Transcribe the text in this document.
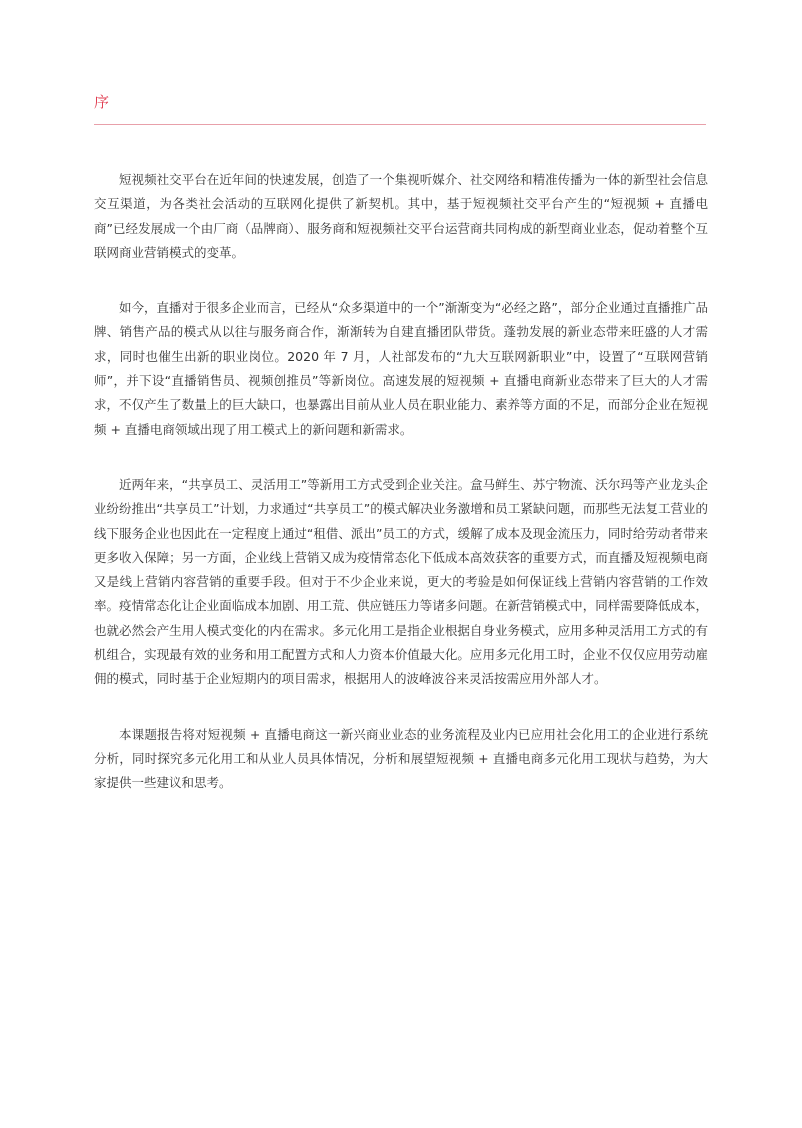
序

短视频社交平台在近年间的快速发展，创造了一个集视听媒介、社交网络和精准传播为一体的新型社会信息交互渠道，为各类社会活动的互联网化提供了新契机。其中，基于短视频社交平台产生的“短视频 + 直播电商”已经发展成一个由厂商（品牌商）、服务商和短视频社交平台运营商共同构成的新型商业业态，促动着整个互联网商业营销模式的变革。

如今，直播对于很多企业而言，已经从“众多渠道中的一个”渐渐变为“必经之路”，部分企业通过直播推广品牌、销售产品的模式从以往与服务商合作，渐渐转为自建直播团队带货。蓬勃发展的新业态带来旺盛的人才需求，同时也催生出新的职业岗位。2020 年 7 月，人社部发布的“九大互联网新职业”中，设置了“互联网营销师”，并下设“直播销售员、视频创推员”等新岗位。高速发展的短视频 + 直播电商新业态带来了巨大的人才需求，不仅产生了数量上的巨大缺口，也暴露出目前从业人员在职业能力、素养等方面的不足，而部分企业在短视频 + 直播电商领域出现了用工模式上的新问题和新需求。

近两年来，“共享员工、灵活用工”等新用工方式受到企业关注。盒马鲜生、苏宁物流、沃尔玛等产业龙头企业纷纷推出“共享员工”计划，力求通过“共享员工”的模式解决业务激增和员工紧缺问题，而那些无法复工营业的线下服务企业也因此在一定程度上通过“租借、派出”员工的方式，缓解了成本及现金流压力，同时给劳动者带来更多收入保障；另一方面，企业线上营销又成为疫情常态化下低成本高效获客的重要方式，而直播及短视频电商又是线上营销内容营销的重要手段。但对于不少企业来说，更大的考验是如何保证线上营销内容营销的工作效率。疫情常态化让企业面临成本加剧、用工荒、供应链压力等诸多问题。在新营销模式中，同样需要降低成本，也就必然会产生用人模式变化的内在需求。多元化用工是指企业根据自身业务模式，应用多种灵活用工方式的有机组合，实现最有效的业务和用工配置方式和人力资本价值最大化。应用多元化用工时，企业不仅仅应用劳动雇佣的模式，同时基于企业短期内的项目需求，根据用人的波峰波谷来灵活按需应用外部人才。

本课题报告将对短视频 + 直播电商这一新兴商业业态的业务流程及业内已应用社会化用工的企业进行系统分析，同时探究多元化用工和从业人员具体情况，分析和展望短视频 + 直播电商多元化用工现状与趋势，为大家提供一些建议和思考。
